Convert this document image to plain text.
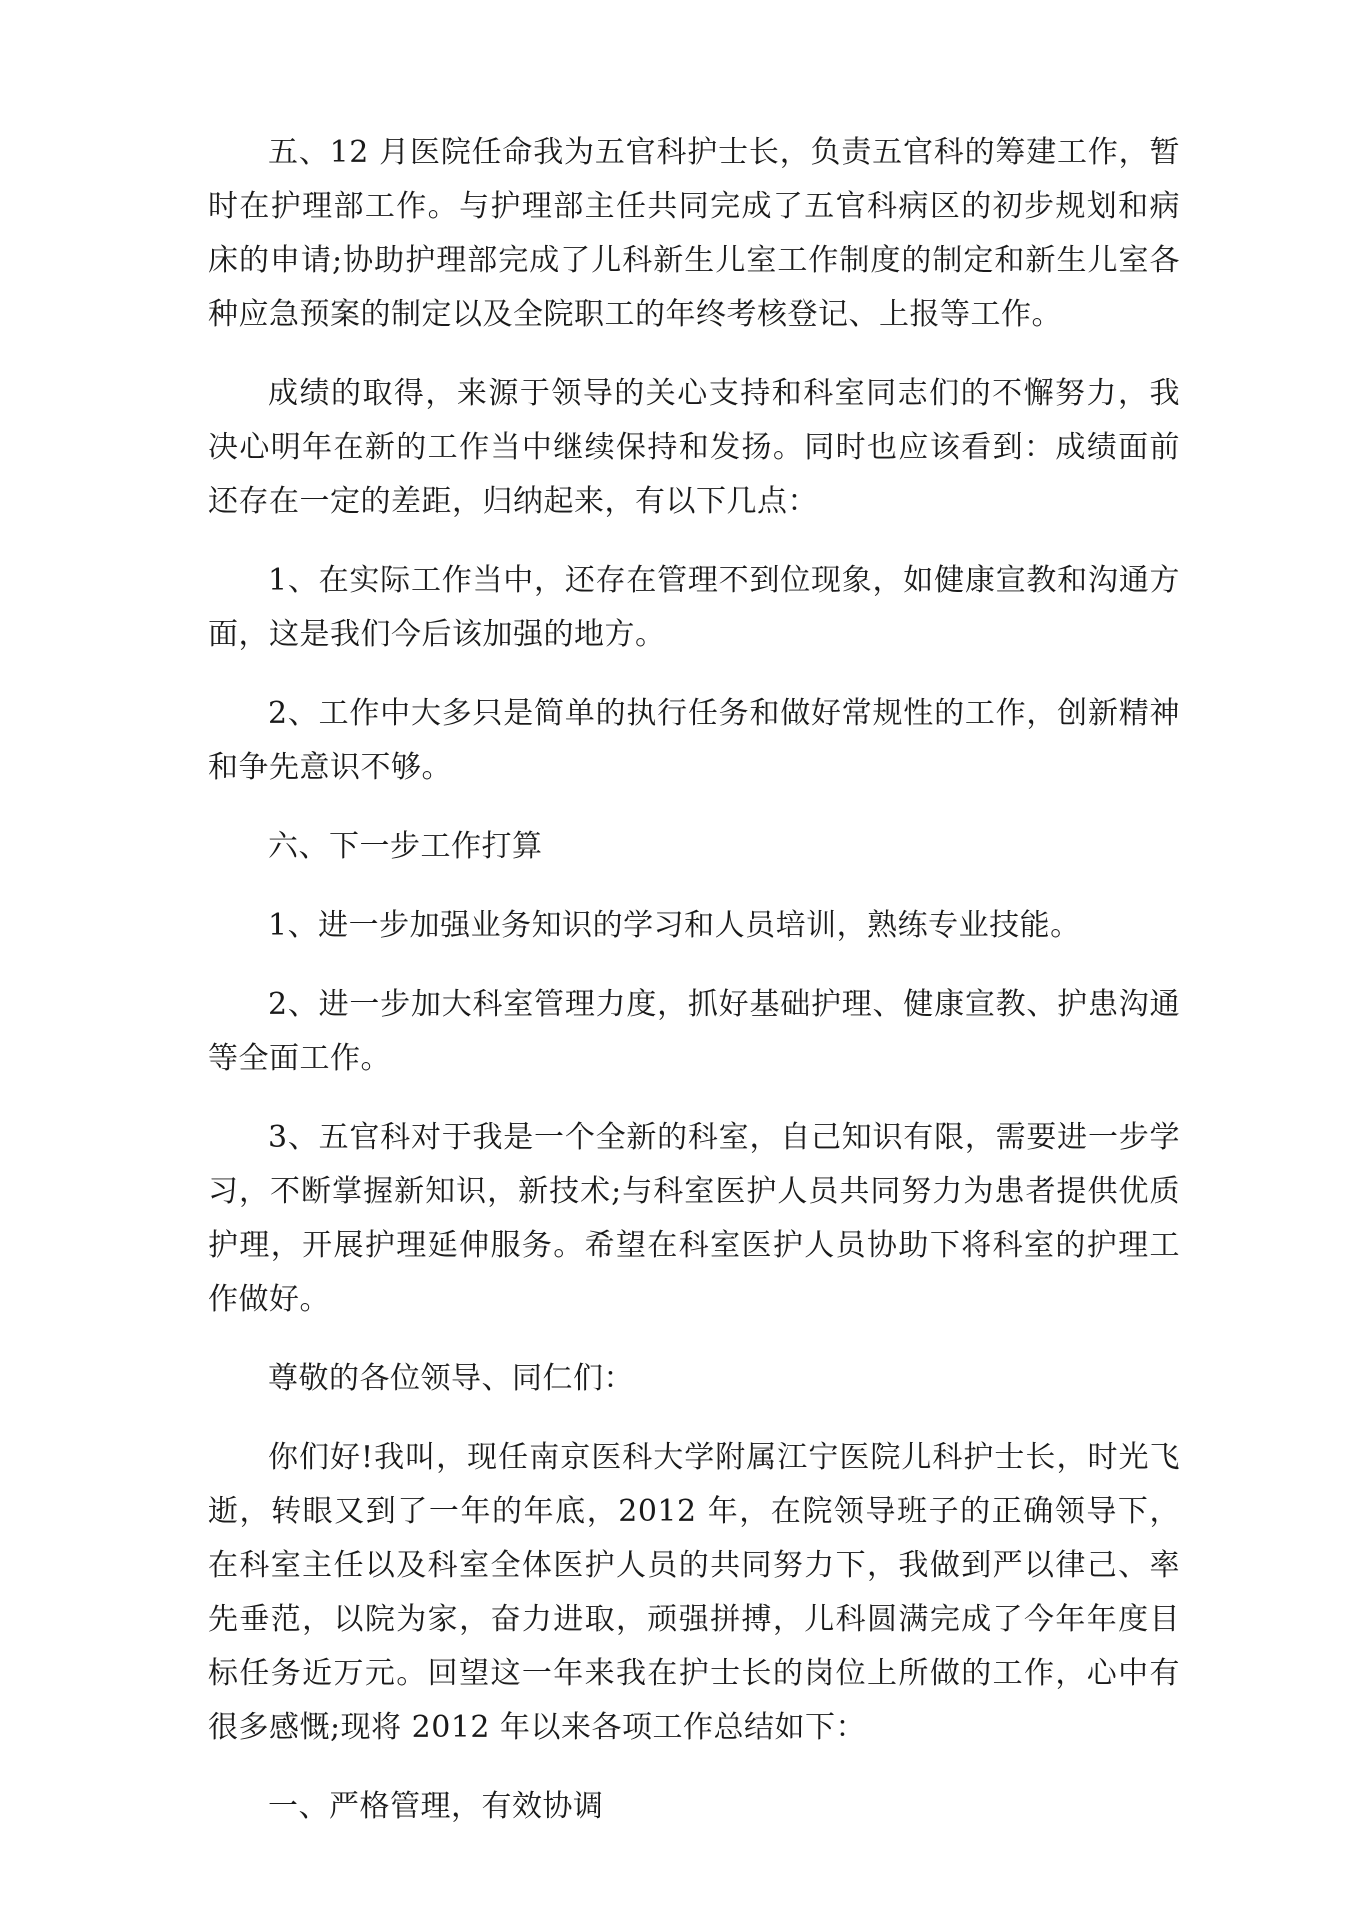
五、12 月医院任命我为五官科护士长，负责五官科的筹建工作，暂时在护理部工作。与护理部主任共同完成了五官科病区的初步规划和病床的申请;协助护理部完成了儿科新生儿室工作制度的制定和新生儿室各种应急预案的制定以及全院职工的年终考核登记、上报等工作。

成绩的取得，来源于领导的关心支持和科室同志们的不懈努力，我决心明年在新的工作当中继续保持和发扬。同时也应该看到：成绩面前还存在一定的差距，归纳起来，有以下几点：

1、在实际工作当中，还存在管理不到位现象，如健康宣教和沟通方面，这是我们今后该加强的地方。

2、工作中大多只是简单的执行任务和做好常规性的工作，创新精神和争先意识不够。

六、下一步工作打算

1、进一步加强业务知识的学习和人员培训，熟练专业技能。

2、进一步加大科室管理力度，抓好基础护理、健康宣教、护患沟通等全面工作。

3、五官科对于我是一个全新的科室，自己知识有限，需要进一步学习，不断掌握新知识，新技术;与科室医护人员共同努力为患者提供优质护理，开展护理延伸服务。希望在科室医护人员协助下将科室的护理工作做好。

尊敬的各位领导、同仁们：

你们好!我叫，现任南京医科大学附属江宁医院儿科护士长，时光飞逝，转眼又到了一年的年底，2012 年，在院领导班子的正确领导下，在科室主任以及科室全体医护人员的共同努力下，我做到严以律己、率先垂范，以院为家，奋力进取，顽强拼搏，儿科圆满完成了今年年度目标任务近万元。回望这一年来我在护士长的岗位上所做的工作，心中有很多感慨;现将 2012 年以来各项工作总结如下：

一、严格管理，有效协调
